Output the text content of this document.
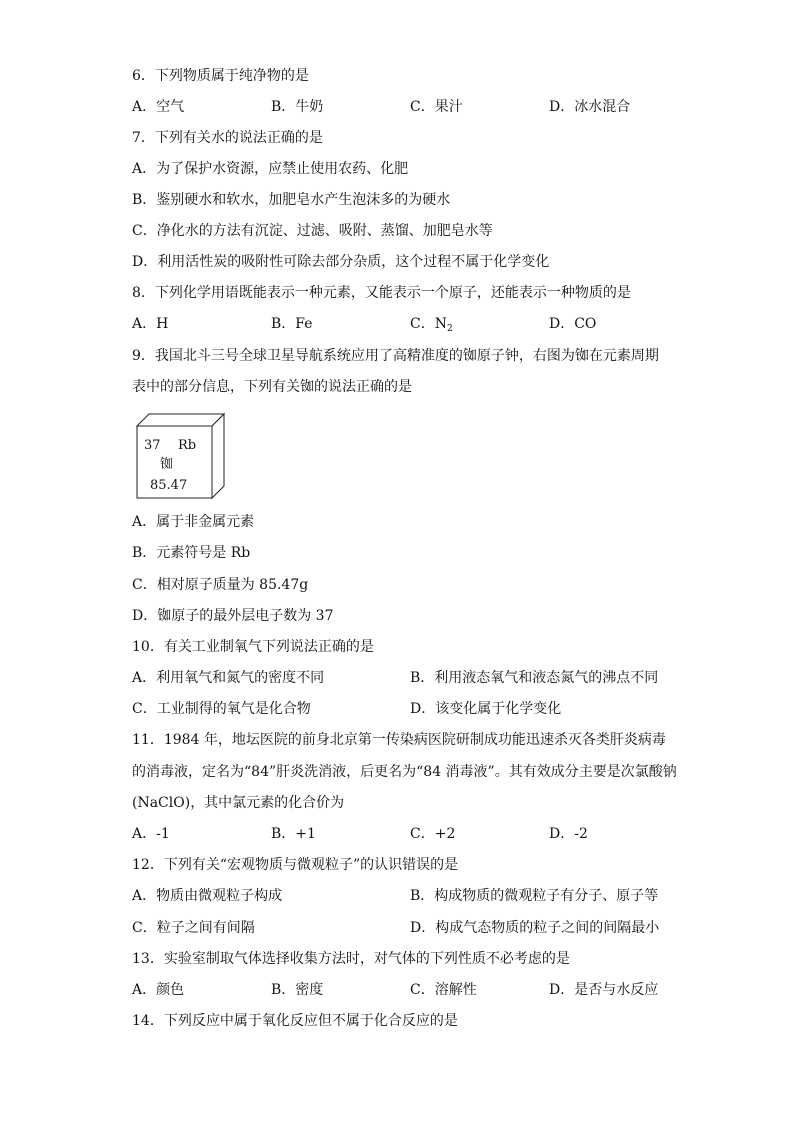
6．下列物质属于纯净物的是
A．空气	B．牛奶	C．果汁	D．冰水混合
7．下列有关水的说法正确的是
A．为了保护水资源，应禁止使用农药、化肥
B．鉴别硬水和软水，加肥皂水产生泡沫多的为硬水
C．净化水的方法有沉淀、过滤、吸附、蒸馏、加肥皂水等
D．利用活性炭的吸附性可除去部分杂质，这个过程不属于化学变化
8．下列化学用语既能表示一种元素，又能表示一个原子，还能表示一种物质的是
A．H	B．Fe	C．$N_2$	D．CO
9．我国北斗三号全球卫星导航系统应用了高精准度的铷原子钟，右图为铷在元素周期
表中的部分信息，下列有关铷的说法正确的是
37 Rb
铷
85.47
A．属于非金属元素
B．元素符号是 Rb
C．相对原子质量为 85.47g
D．铷原子的最外层电子数为 37
10．有关工业制氧气下列说法正确的是
A．利用氧气和氮气的密度不同	B．利用液态氧气和液态氮气的沸点不同
C．工业制得的氧气是化合物	D．该变化属于化学变化
11．1984 年，地坛医院的前身北京第一传染病医院研制成功能迅速杀灭各类肝炎病毒
的消毒液，定名为“84”肝炎洗消液，后更名为“84 消毒液”。其有效成分主要是次氯酸钠
(NaClO)，其中氯元素的化合价为
A．-1	B．+1	C．+2	D．-2
12．下列有关“宏观物质与微观粒子”的认识错误的是
A．物质由微观粒子构成	B．构成物质的微观粒子有分子、原子等
C．粒子之间有间隔	D．构成气态物质的粒子之间的间隔最小
13．实验室制取气体选择收集方法时，对气体的下列性质不必考虑的是
A．颜色	B．密度	C．溶解性	D．是否与水反应
14．下列反应中属于氧化反应但不属于化合反应的是
